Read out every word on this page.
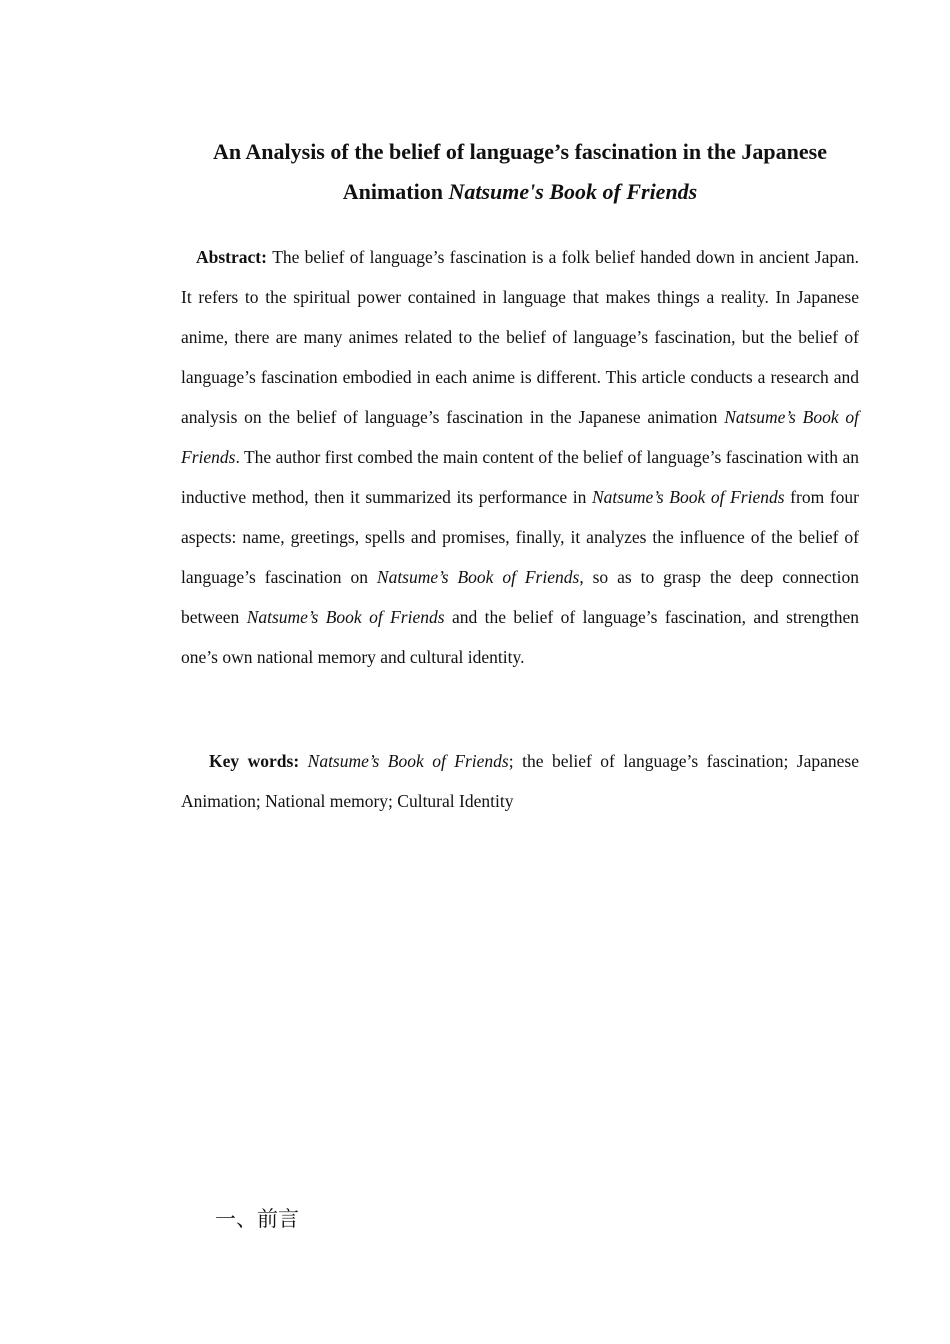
An Analysis of the belief of language’s fascination in the Japanese
Animation Natsume's Book of Friends

Abstract: The belief of language’s fascination is a folk belief handed down in ancient Japan. It refers to the spiritual power contained in language that makes things a reality. In Japanese anime, there are many animes related to the belief of language’s fascination, but the belief of language’s fascination embodied in each anime is different. This article conducts a research and analysis on the belief of language’s fascination in the Japanese animation Natsume’s Book of Friends. The author first combed the main content of the belief of language’s fascination with an inductive method, then it summarized its performance in Natsume’s Book of Friends from four aspects: name, greetings, spells and promises, finally, it analyzes the influence of the belief of language’s fascination on Natsume’s Book of Friends, so as to grasp the deep connection between Natsume’s Book of Friends and the belief of language’s fascination, and strengthen one’s own national memory and cultural identity.

Key words: Natsume’s Book of Friends; the belief of language’s fascination; Japanese Animation; National memory; Cultural Identity

一、前言
